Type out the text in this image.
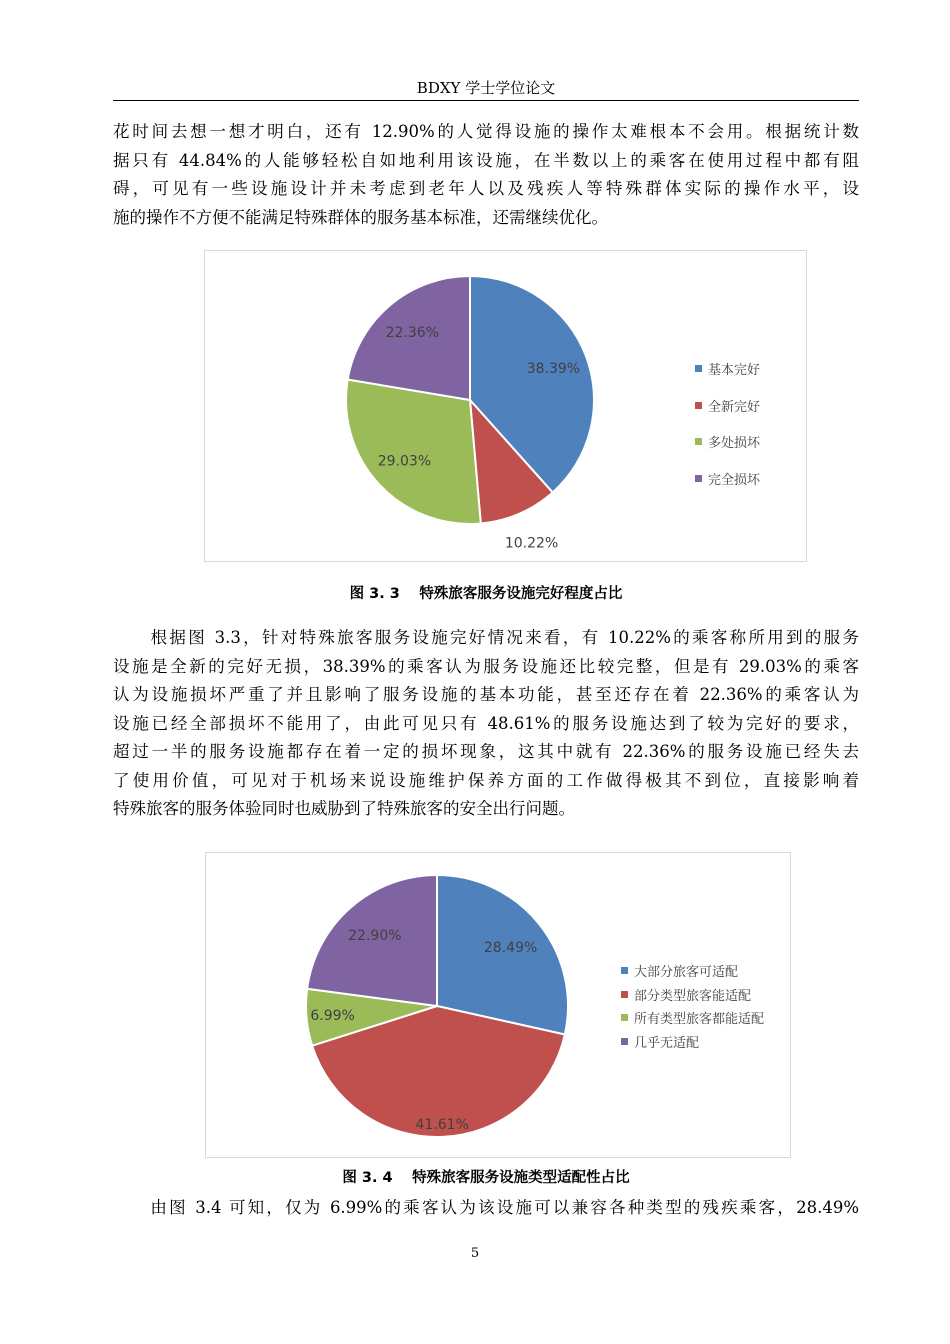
BDXY 学士学位论文
花时间去想一想才明白，还有 12.90%的人觉得设施的操作太难根本不会用。根据统计数
据只有 44.84%的人能够轻松自如地利用该设施，在半数以上的乘客在使用过程中都有阻
碍，可见有一些设施设计并未考虑到老年人以及残疾人等特殊群体实际的操作水平，设
施的操作不方便不能满足特殊群体的服务基本标准，还需继续优化。
38.39%
10.22%
29.03%
22.36%
基本完好
全新完好
多处损坏
完全损坏
图 3. 3　 特殊旅客服务设施完好程度占比
　　根据图 3.3，针对特殊旅客服务设施完好情况来看，有 10.22%的乘客称所用到的服务
设施是全新的完好无损，38.39%的乘客认为服务设施还比较完整，但是有 29.03%的乘客
认为设施损坏严重了并且影响了服务设施的基本功能，甚至还存在着 22.36%的乘客认为
设施已经全部损坏不能用了，由此可见只有 48.61%的服务设施达到了较为完好的要求，
超过一半的服务设施都存在着一定的损坏现象，这其中就有 22.36%的服务设施已经失去
了使用价值，可见对于机场来说设施维护保养方面的工作做得极其不到位，直接影响着
特殊旅客的服务体验同时也威胁到了特殊旅客的安全出行问题。
28.49%
41.61%
6.99%
22.90%
大部分旅客可适配
部分类型旅客能适配
所有类型旅客都能适配
几乎无适配
图 3. 4　 特殊旅客服务设施类型适配性占比
　　由图 3.4 可知，仅为 6.99%的乘客认为该设施可以兼容各种类型的残疾乘客，28.49%
5
